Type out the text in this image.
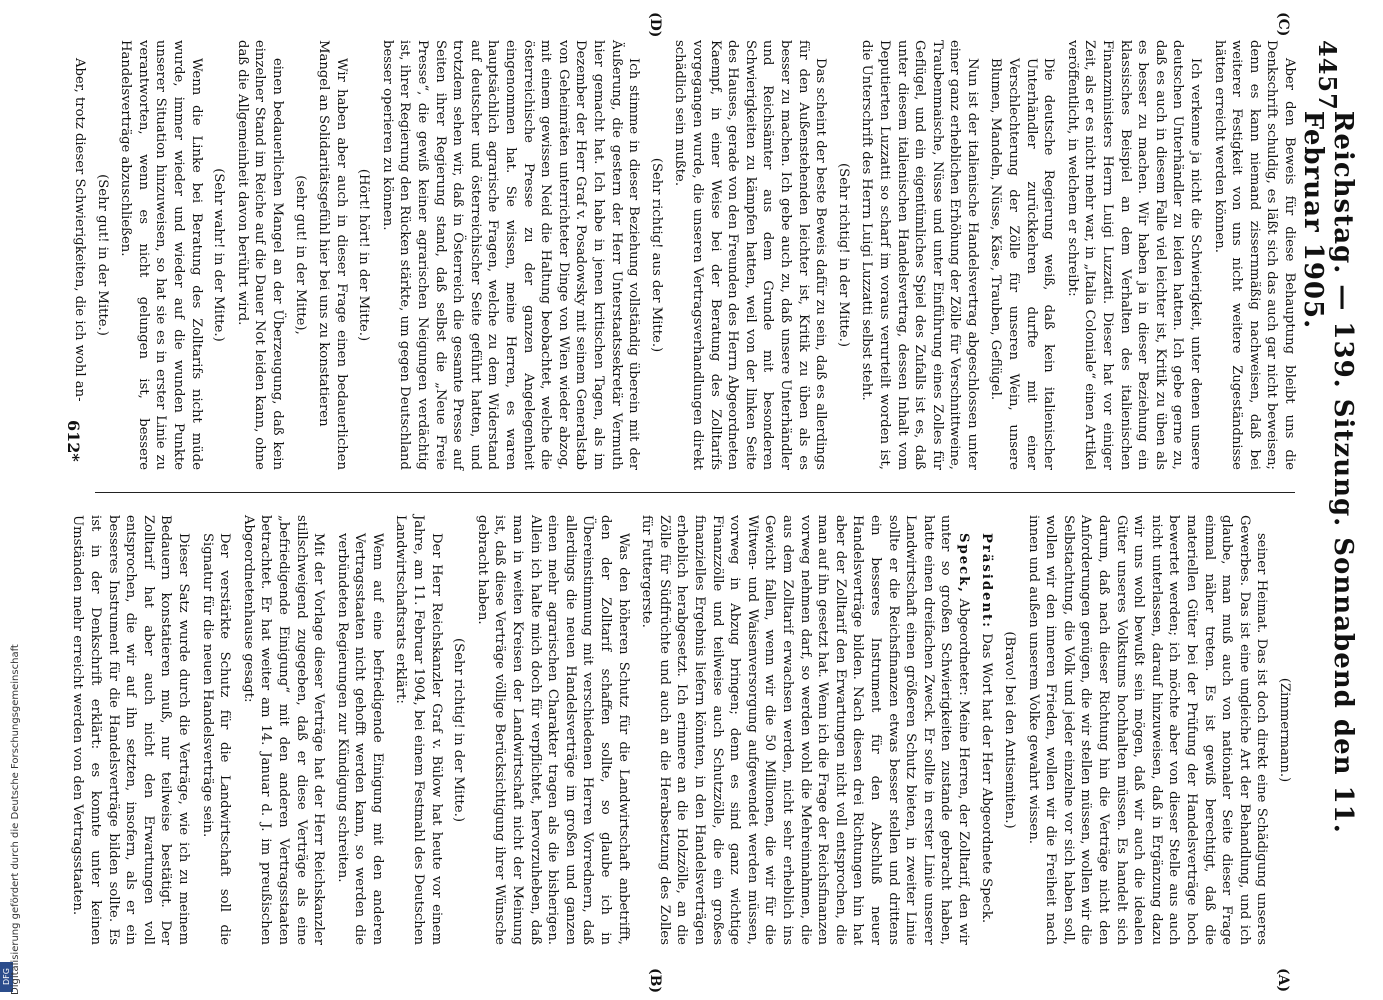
4457
Reichstag. — 139. Sitzung. Sonnabend den 11. Februar 1905.
(C)
(D)

(Zimmermann.)

seiner Heimat. Das ist doch direkt eine Schädigung unseres Gewerbes. Das ist eine ungleiche Art der Behandlung, und ich glaube, man muß auch von nationaler Seite dieser Frage einmal näher treten. Es ist gewiß berechtigt, daß die materiellen Güter bei der Prüfung der Handelsverträge hoch bewertet werden; ich möchte aber von dieser Stelle aus auch nicht unterlassen, darauf hinzuweisen, daß in Ergänzung dazu wir uns wohl bewußt sein mögen, daß wir auch die idealen Güter unseres Volkstums hochhalten müssen. Es handelt sich darum, daß nach dieser Richtung hin die Verträge nicht den Anforderungen genügen, die wir stellen müssen, wollen wir die Selbstachtung, die Volk und jeder einzelne vor sich haben soll, wollen wir den inneren Frieden, wollen wir die Freiheit nach innen und außen unserem Volke gewahrt wissen.

(Bravo! bei den Antisemiten.)

Präsident: Das Wort hat der Herr Abgeordnete Speck.

Speck, Abgeordneter: Meine Herren, der Zolltarif, den wir unter so großen Schwierigkeiten zustande gebracht haben, hatte einen dreifachen Zweck. Er sollte in erster Linie unserer Landwirtschaft einen größeren Schutz bieten, in zweiter Linie sollte er die Reichsfinanzen etwas besser stellen und drittens ein besseres Instrument für den Abschluß neuer Handelsverträge bilden. Nach diesen drei Richtungen hin hat aber der Zolltarif den Erwartungen nicht voll entsprochen, die man auf ihn gesetzt hat. Wenn ich die Frage der Reichsfinanzen vorweg nehmen darf, so werden wohl die Mehreinnahmen, die aus dem Zolltarif erwachsen werden, nicht sehr erheblich ins Gewicht fallen, wenn wir die 50 Millionen, die wir für die Witwen- und Waisenversorgung aufgewendet werden müssen, vorweg in Abzug bringen; denn es sind ganz wichtige Finanzzölle und teilweise auch Schutzzölle, die ein großes finanzielles Ergebnis liefern könnten, in den Handelsverträgen erheblich herabgesetzt. Ich erinnere an die Holzzölle, an die Zölle für Südfrüchte und auch an die Herabsetzung des Zolles für Futtergerste.

Was den höheren Schutz für die Landwirtschaft anbetrifft, den der Zolltarif schaffen sollte, so glaube ich in Übereinstimmung mit verschiedenen Herren Vorrednern, daß allerdings die neuen Handelsverträge im großen und ganzen einen mehr agrarischen Charakter tragen als die bisherigen. Allein ich halte mich doch für verpflichtet, hervorzuheben, daß man in weiten Kreisen der Landwirtschaft nicht der Meinung ist, daß diese Verträge völlige Berücksichtigung ihrer Wünsche gebracht haben.

(Sehr richtig! in der Mitte.)

Der Herr Reichskanzler Graf v. Bülow hat heute vor einem Jahre, am 11. Februar 1904, bei einem Festmahl des Deutschen Landwirtschaftsrats erklärt:

Wenn auf eine befriedigende Einigung mit den anderen Vertragsstaaten nicht gehofft werden kann, so werden die verbündeten Regierungen zur Kündigung schreiten.

Mit der Vorlage dieser Verträge hat der Herr Reichskanzler stillschweigend zugegeben, daß er diese Verträge als eine „befriedigende Einigung“ mit den anderen Vertragsstaaten betrachtet. Er hat weiter am 14. Januar d. J. im preußischen Abgeordnetenhause gesagt:

Der verstärkte Schutz für die Landwirtschaft soll die Signatur für die neuen Handelsverträge sein.

Dieser Satz wurde durch die Verträge, wie ich zu meinem Bedauern konstatieren muß, nur teilweise bestätigt. Der Zolltarif hat aber auch nicht den Erwartungen voll entsprochen, die wir auf ihn setzten, insofern, als er ein besseres Instrument für die Handelsverträge bilden sollte. Es ist in der Denkschrift erklärt: es konnte unter keinen Umständen mehr erreicht werden von den Vertragsstaaten.

Aber den Beweis für diese Behauptung bleibt uns die Denkschrift schuldig, es läßt sich das auch gar nicht beweisen; denn es kann niemand zissernmäßig nachweisen, daß bei weiterer Festigkeit von uns nicht weitere Zugeständnisse hätten erreicht werden können.

Ich verkenne ja nicht die Schwierigkeit, unter denen unsere deutschen Unterhändler zu leiden hatten. Ich gebe gerne zu, daß es auch in diesem Falle viel leichter ist, Kritik zu üben als es besser zu machen. Wir haben ja in dieser Beziehung ein klassisches Beispiel an dem Verhalten des italienischen Finanzministers Herrn Luigi Luzzatti. Dieser hat vor einiger Zeit, als er es nicht mehr war, in „Italia Coloniale“ einen Artikel veröffentlicht, in welchem er schreibt:

Die deutsche Regierung weiß, daß kein italienischer Unterhändler zurückkehren durfte mit einer Verschlechterung der Zölle für unseren Wein, unsere Blumen, Mandeln, Nüsse, Käse, Trauben, Geflügel.

Nun ist der italienische Handelsvertrag abgeschlossen unter einer ganz erheblichen Erhöhung der Zölle für Verschnittweine, Traubenmaische, Nüsse und unter Einführung eines Zolles für Geflügel, und ein eigentümliches Spiel des Zufalls ist es, daß unter diesem italienischen Handelsvertrag, dessen Inhalt vom Deputierten Luzzatti so scharf im voraus verurteilt worden ist, die Unterschrift des Herrn Luigi Luzzatti selbst steht.

(Sehr richtig! in der Mitte.)

Das scheint der beste Beweis dafür zu sein, daß es allerdings für den Außenstehenden leichter ist, Kritik zu üben als es besser zu machen. Ich gebe auch zu, daß unsere Unterhändler und Reichsämter aus dem Grunde mit besonderen Schwierigkeiten zu kämpfen hatten, weil von der linken Seite des Hauses, gerade von den Freunden des Herrn Abgeordneten Kaempf, in einer Weise bei der Beratung des Zolltarifs vorgegangen wurde, die unseren Vertragsverhandlungen direkt schädlich sein mußte.

(Sehr richtig! aus der Mitte.)

Ich stimme in dieser Beziehung vollständig überein mit der Äußerung, die gestern der Herr Unterstaatssekretär Vermuth hier gemacht hat. Ich habe in jenen kritischen Tagen, als im Dezember der Herr Graf v. Posadowsky mit seinem Generalstab von Geheimräten unterrichteter Dinge von Wien wieder abzog, mit einem gewissen Neid die Haltung beobachtet, welche die österreichische Presse zu der ganzen Angelegenheit eingenommen hat. Sie wissen, meine Herren, es waren hauptsächlich agrarische Fragen, welche zu dem Widerstand auf deutscher und österreichischer Seite geführt hatten, und trotzdem sehen wir, daß in Österreich die gesamte Presse auf Seiten ihrer Regierung stand, daß selbst die „Neue Freie Presse“, die gewiß keiner agrarischen Neigungen verdächtig ist, ihrer Regierung den Rücken stärkte, um gegen Deutschland besser operieren zu können.

(Hört! hört! in der Mitte.)

Wir haben aber auch in dieser Frage einen bedauerlichen Mangel an Solidaritätsgefühl hier bei uns zu konstatieren

(sehr gut! in der Mitte),

einen bedauerlichen Mangel an der Überzeugung, daß kein einzelner Stand im Reiche auf die Dauer Not leiden kann, ohne daß die Allgemeinheit davon berührt wird.

(Sehr wahr! in der Mitte.)

Wenn die Linke bei Beratung des Zolltarifs nicht müde wurde, immer wieder und wieder auf die wunden Punkte unserer Situation hinzuweisen, so hat sie es in erster Linie zu verantworten, wenn es nicht gelungen ist, bessere Handelsverträge abzuschließen.

(Sehr gut! in der Mitte.)

Aber, trotz dieser Schwierigkeiten, die ich wohl an-

(A)
(B)
612*
DFG Digitalisierung gefördert durch die Deutsche Forschungsgemeinschaft
